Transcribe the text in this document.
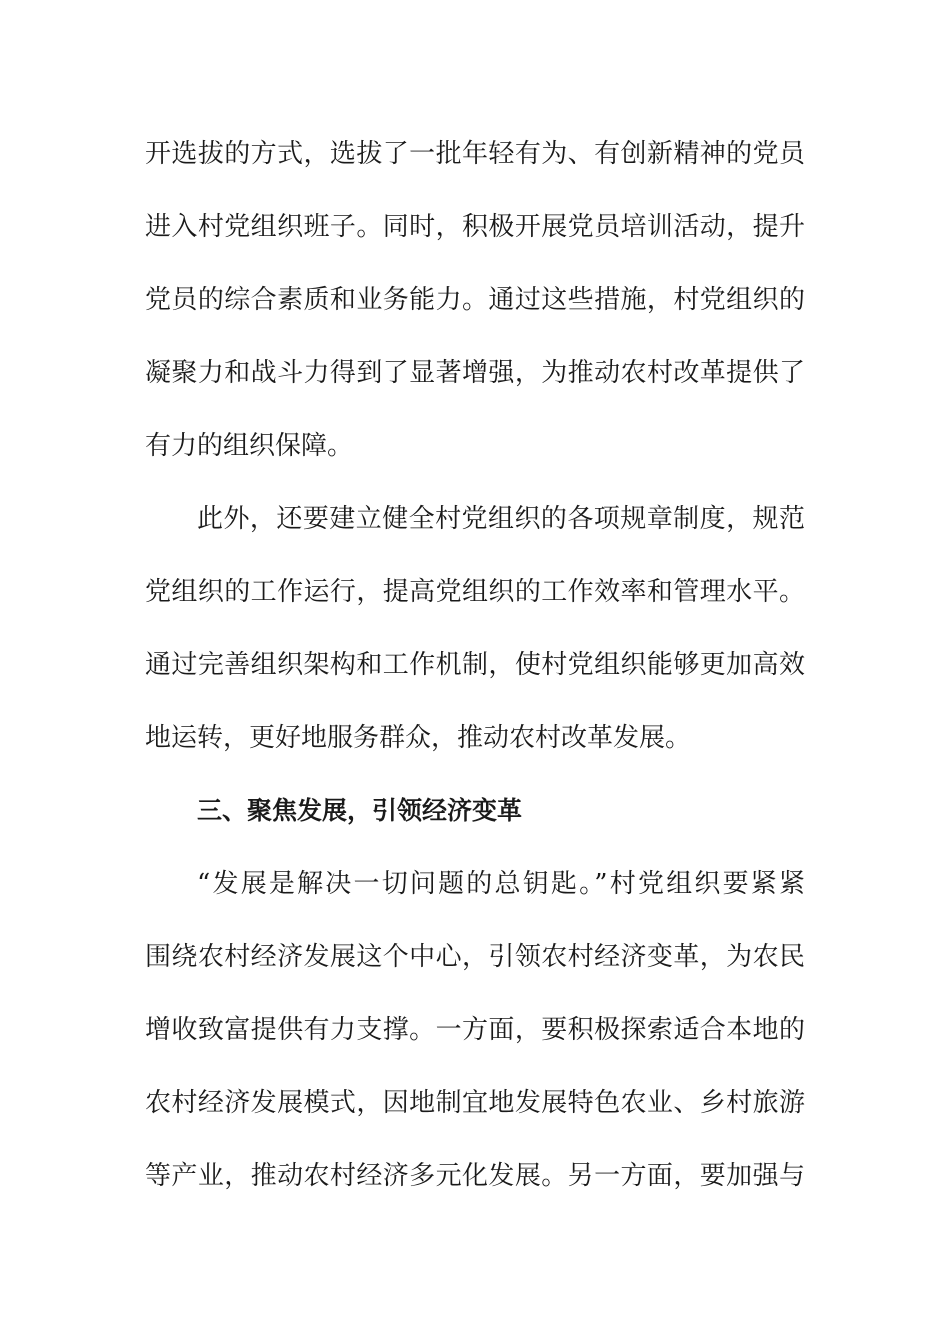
开选拔的方式，选拔了一批年轻有为、有创新精神的党员
进入村党组织班子。同时，积极开展党员培训活动，提升
党员的综合素质和业务能力。通过这些措施，村党组织的
凝聚力和战斗力得到了显著增强，为推动农村改革提供了
有力的组织保障。
此外，还要建立健全村党组织的各项规章制度，规范
党组织的工作运行，提高党组织的工作效率和管理水平。
通过完善组织架构和工作机制，使村党组织能够更加高效
地运转，更好地服务群众，推动农村改革发展。
三、聚焦发展，引领经济变革
“发展是解决一切问题的总钥匙。”村党组织要紧紧
围绕农村经济发展这个中心，引领农村经济变革，为农民
增收致富提供有力支撑。一方面，要积极探索适合本地的
农村经济发展模式，因地制宜地发展特色农业、乡村旅游
等产业，推动农村经济多元化发展。另一方面，要加强与
